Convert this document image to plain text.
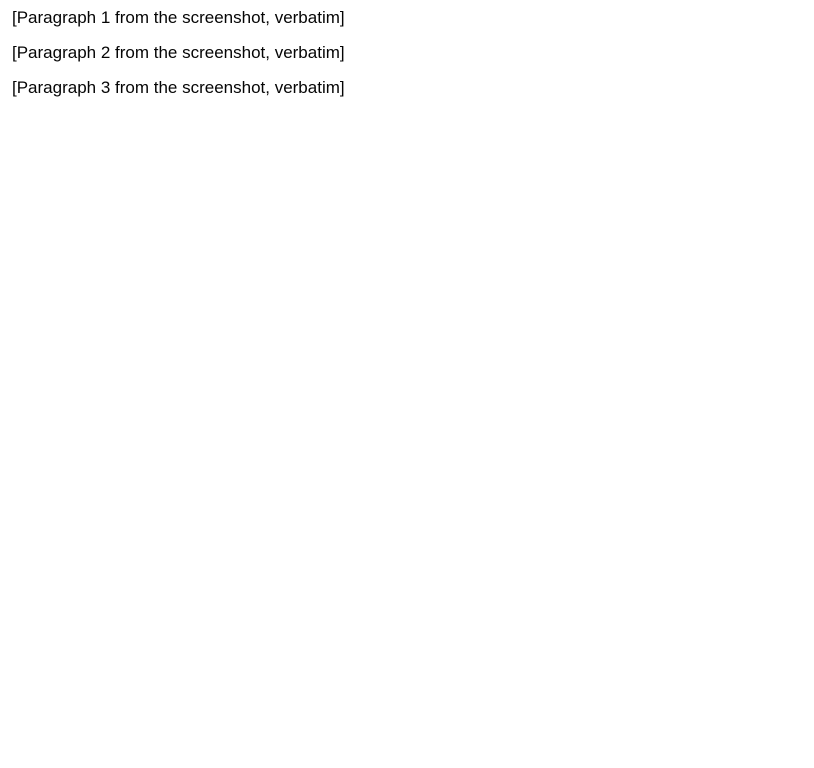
[Paragraph 1 from the screenshot, verbatim]

[Paragraph 2 from the screenshot, verbatim]

[Paragraph 3 from the screenshot, verbatim]
